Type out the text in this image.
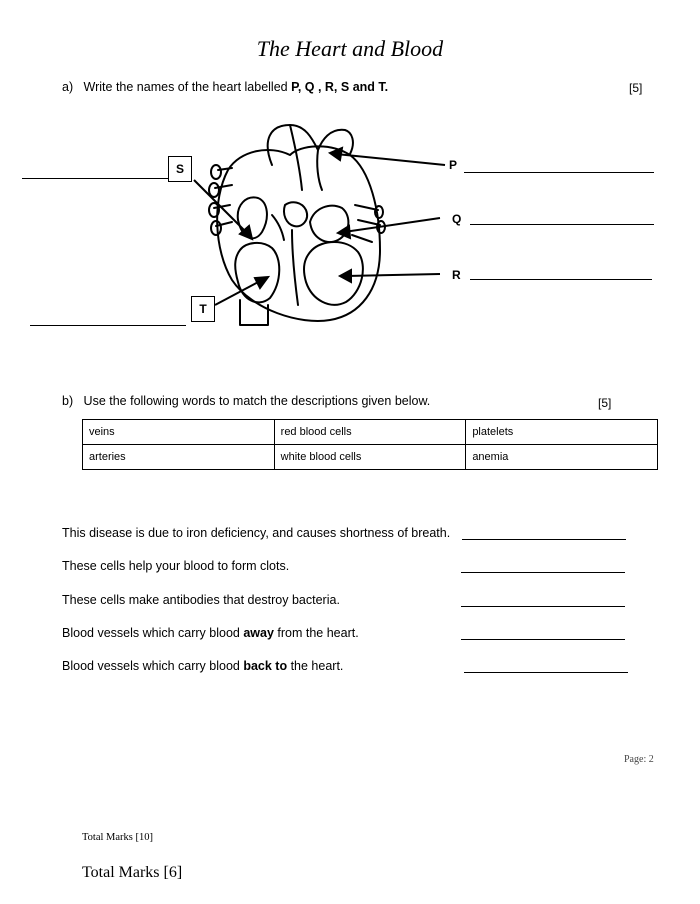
The Heart and Blood
a) Write the names of the heart labelled P, Q , R, S and T.	[5]
S
T
P
Q
R
b) Use the following words to match the descriptions given below.	[5]
veins	red blood cells	platelets
arteries	white blood cells	anemia
This disease is due to iron deficiency, and causes shortness of breath.
These cells help your blood to form clots.
These cells make antibodies that destroy bacteria.
Blood vessels which carry blood away from the heart.
Blood vessels which carry blood back to the heart.
Page: 2
Total Marks [10]
Total Marks [6]
